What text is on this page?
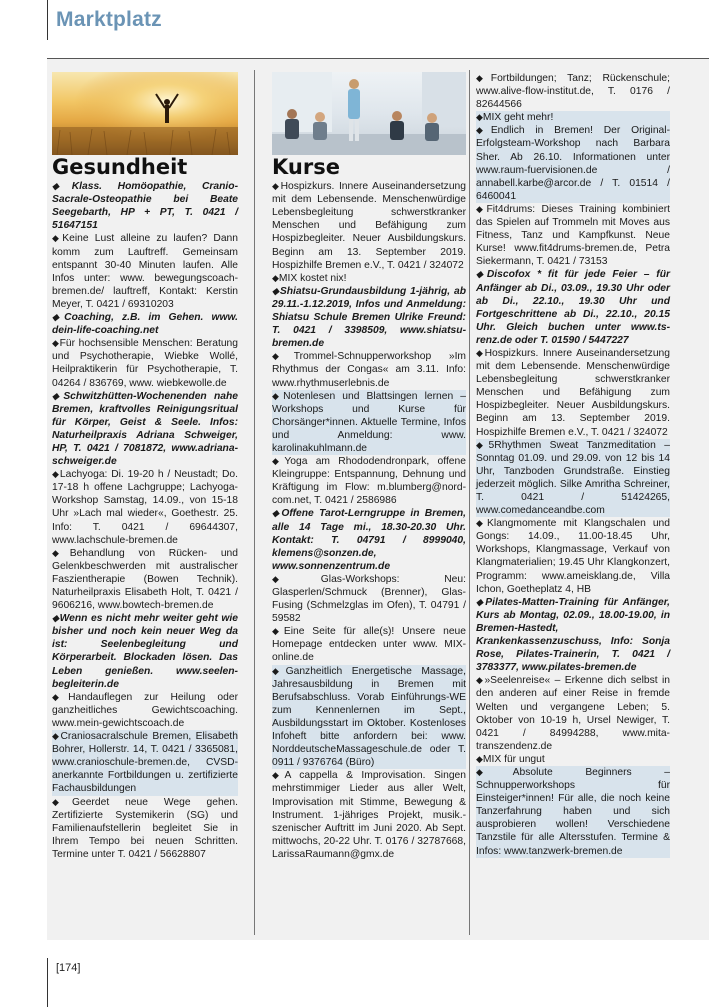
Marktplatz
Gesundheit

◆Klass. Homöopathie, Cranio-Sacrale-Osteopathie bei Beate Seegebarth, HP + PT, T. 0421 / 51647151

◆Keine Lust alleine zu laufen? Dann komm zum Lauftreff. Gemeinsam entspannt 30-40 Minuten laufen. Alle Infos unter: www. bewegungscoach-bremen.de/ lauftreff, Kontakt: Kerstin Meyer, T. 0421 / 69310203

◆Coaching, z.B. im Gehen. www. dein-life-coaching.net

◆Für hochsensible Menschen: Beratung und Psychotherapie, Wiebke Wollé, Heilpraktikerin für Psychotherapie, T. 04264 / 836769, www. wiebkewolle.de

◆Schwitzhütten-Wochenenden nahe Bremen, kraftvolles Reinigungsritual für Körper, Geist & Seele. Infos: Naturheilpraxis Adriana Schweiger, HP, T. 0421 / 7081872, www.adriana-schweiger.de

◆Lachyoga: Di. 19-20 h / Neustadt; Do. 17-18 h offene Lachgruppe; Lachyoga-Workshop Samstag, 14.09., von 15-18 Uhr »Lach mal wieder«, Goethestr. 25. Info: T. 0421 / 69644307, www.lachschule-bremen.de

◆Behandlung von Rücken- und Gelenkbeschwerden mit australischer Faszientherapie (Bowen Technik). Naturheilpraxis Elisabeth Holt, T. 0421 / 9606216, www.bowtech-bremen.de

◆Wenn es nicht mehr weiter geht wie bisher und noch kein neuer Weg da ist: Seelenbegleitung und Körperarbeit. Blockaden lösen. Das Leben genießen. www.seelen-begleiterin.de

◆Handauflegen zur Heilung oder ganzheitliches Gewichtscoaching. www.mein-gewichtscoach.de

◆Craniosacralschule Bremen, Elisabeth Bohrer, Hollerstr. 14, T. 0421 / 3365081, www.cranioschule-bremen.de, CVSD-anerkannte Fortbildungen u. zertifizierte Fachausbildungen

◆Geerdet neue Wege gehen. Zertifizierte Systemikerin (SG) und Familienaufstellerin begleitet Sie in Ihrem Tempo bei neuen Schritten. Termine unter T. 0421 / 56628807

Kurse

◆Hospizkurs. Innere Auseinandersetzung mit dem Lebensende. Menschenwürdige Lebensbegleitung schwerstkranker Menschen und Befähigung zum Hospizbegleiter. Neuer Ausbildungskurs. Beginn am 13. September 2019. Hospizhilfe Bremen e.V., T. 0421 / 324072

◆MIX kostet nix!

◆Shiatsu-Grundausbildung 1-jährig, ab 29.11.-1.12.2019, Infos und Anmeldung: Shiatsu Schule Bremen Ulrike Freund: T. 0421 / 3398509, www.shiatsu-bremen.de

◆Trommel-Schnupperworkshop »Im Rhythmus der Congas« am 3.11. Info: www.rhythmuserlebnis.de

◆Notenlesen und Blattsingen lernen – Workshops und Kurse für Chorsänger*innen. Aktuelle Termine, Infos und Anmeldung: www. karolinakuhlmann.de

◆Yoga am Rhododendronpark, offene Kleingruppe: Entspannung, Dehnung und Kräftigung im Flow: m.blumberg@nord-com.net, T. 0421 / 2586986

◆Offene Tarot-Lerngruppe in Bremen, alle 14 Tage mi., 18.30-20.30 Uhr. Kontakt: T. 04791 / 8999040, klemens@sonzen.de, www.sonnenzentrum.de

◆Glas-Workshops: Neu: Glasperlen/Schmuck (Brenner), Glas-Fusing (Schmelzglas im Ofen), T. 04791 / 59582

◆Eine Seite für alle(s)! Unsere neue Homepage entdecken unter www. MIX-online.de

◆Ganzheitlich Energetische Massage, Jahresausbildung in Bremen mit Berufsabschluss. Vorab Einführungs-WE zum Kennenlernen im Sept., Ausbildungsstart im Oktober. Kostenloses Infoheft bitte anfordern bei: www. NorddeutscheMassageschule.de oder T. 0911 / 9376764 (Büro)

◆A cappella & Improvisation. Singen mehrstimmiger Lieder aus aller Welt, Improvisation mit Stimme, Bewegung & Instrument. 1-jähriges Projekt, musik.-szenischer Auftritt im Juni 2020. Ab Sept. mittwochs, 20-22 Uhr. T. 0176 / 32787668, LarissaRaumann@gmx.de

◆Fortbildungen; Tanz; Rückenschule; www.alive-flow-institut.de, T. 0176 / 82644566

◆MIX geht mehr!

◆Endlich in Bremen! Der Original-Erfolgsteam-Workshop nach Barbara Sher. Ab 26.10. Informationen unter www.raum-fuervisionen.de / annabell.karbe@arcor.de / T. 01514 / 6460041

◆Fit4drums: Dieses Training kombiniert das Spielen auf Trommeln mit Moves aus Fitness, Tanz und Kampfkunst. Neue Kurse! www.fit4drums-bremen.de, Petra Siekermann, T. 0421 / 73153

◆Discofox * fit für jede Feier – für Anfänger ab Di., 03.09., 19.30 Uhr oder ab Di., 22.10., 19.30 Uhr und Fortgeschrittene ab Di., 22.10., 20.15 Uhr. Gleich buchen unter www.ts-renz.de oder T. 01590 / 5447227

◆Hospizkurs. Innere Auseinandersetzung mit dem Lebensende. Menschenwürdige Lebensbegleitung schwerstkranker Menschen und Befähigung zum Hospizbegleiter. Neuer Ausbildungskurs. Beginn am 13. September 2019. Hospizhilfe Bremen e.V., T. 0421 / 324072

◆5Rhythmen Sweat Tanzmeditation – Sonntag 01.09. und 29.09. von 12 bis 14 Uhr, Tanzboden Grundstraße. Einstieg jederzeit möglich. Silke Amritha Schreiner, T. 0421 / 51424265, www.comedanceandbe.com

◆Klangmomente mit Klangschalen und Gongs: 14.09., 11.00-18.45 Uhr, Workshops, Klangmassage, Verkauf von Klangmaterialien; 19.45 Uhr Klangkonzert, Programm: www.ameisklang.de, Villa Ichon, Goetheplatz 4, HB

◆Pilates-Matten-Training für Anfänger, Kurs ab Montag, 02.09., 18.00-19.00, in Bremen-Hastedt, Krankenkassenzuschuss, Info: Sonja Rose, Pilates-Trainerin, T. 0421 / 3783377, www.pilates-bremen.de

◆»Seelenreise« – Erkenne dich selbst in den anderen auf einer Reise in fremde Welten und vergangene Leben; 5. Oktober von 10-19 h, Ursel Newiger, T. 0421 / 84994288, www.mita-transzendenz.de

◆MIX für ungut

◆Absolute Beginners – Schnupperworkshops für Einsteiger*innen! Für alle, die noch keine Tanzerfahrung haben und sich ausprobieren wollen! Verschiedene Tanzstile für alle Altersstufen. Termine & Infos: www.tanzwerk-bremen.de

[174]
